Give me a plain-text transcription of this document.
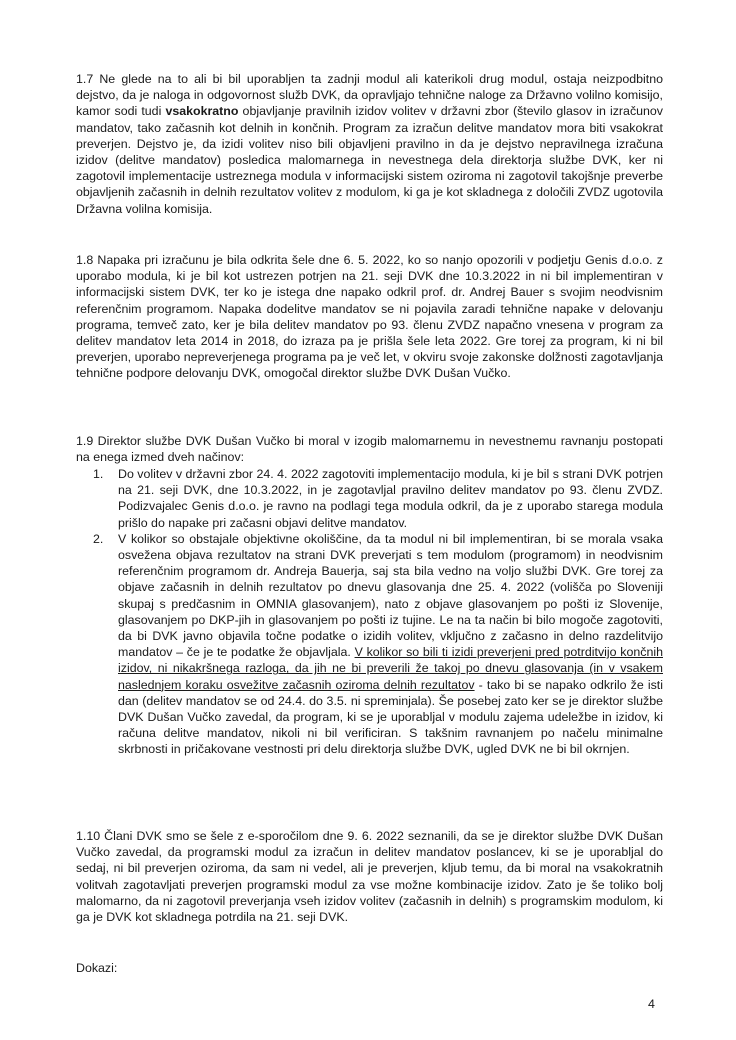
1.7 Ne glede na to ali bi bil uporabljen ta zadnji modul ali katerikoli drug modul, ostaja neizpodbitno dejstvo, da je naloga in odgovornost služb DVK, da opravljajo tehnične naloge za Državno volilno komisijo, kamor sodi tudi vsakokratno objavljanje pravilnih izidov volitev v državni zbor (število glasov in izračunov mandatov, tako začasnih kot delnih in končnih. Program za izračun delitve mandatov mora biti vsakokrat preverjen. Dejstvo je, da izidi volitev niso bili objavljeni pravilno in da je dejstvo nepravilnega izračuna izidov (delitve mandatov) posledica malomarnega in nevestnega dela direktorja službe DVK, ker ni zagotovil implementacije ustreznega modula v informacijski sistem oziroma ni zagotovil takojšnje preverbe objavljenih začasnih in delnih rezultatov volitev z modulom, ki ga je kot skladnega z določili ZVDZ ugotovila Državna volilna komisija.

1.8 Napaka pri izračunu je bila odkrita šele dne 6. 5. 2022, ko so nanjo opozorili v podjetju Genis d.o.o. z uporabo modula, ki je bil kot ustrezen potrjen na 21. seji DVK dne 10.3.2022 in ni bil implementiran v informacijski sistem DVK, ter ko je istega dne napako odkril prof. dr. Andrej Bauer s svojim neodvisnim referenčnim programom. Napaka dodelitve mandatov se ni pojavila zaradi tehnične napake v delovanju programa, temveč zato, ker je bila delitev mandatov po 93. členu ZVDZ napačno vnesena v program za delitev mandatov leta 2014 in 2018, do izraza pa je prišla šele leta 2022. Gre torej za program, ki ni bil preverjen, uporabo nepreverjenega programa pa je več let, v okviru svoje zakonske dolžnosti zagotavljanja tehnične podpore delovanju DVK, omogočal direktor službe DVK Dušan Vučko.

1.9 Direktor službe DVK Dušan Vučko bi moral v izogib malomarnemu in nevestnemu ravnanju postopati na enega izmed dveh načinov:

1. Do volitev v državni zbor 24. 4. 2022 zagotoviti implementacijo modula, ki je bil s strani DVK potrjen na 21. seji DVK, dne 10.3.2022, in je zagotavljal pravilno delitev mandatov po 93. členu ZVDZ. Podizvajalec Genis d.o.o. je ravno na podlagi tega modula odkril, da je z uporabo starega modula prišlo do napake pri začasni objavi delitve mandatov.
2. V kolikor so obstajale objektivne okoliščine, da ta modul ni bil implementiran, bi se morala vsaka osvežena objava rezultatov na strani DVK preverjati s tem modulom (programom) in neodvisnim referenčnim programom dr. Andreja Bauerja, saj sta bila vedno na voljo službi DVK. Gre torej za objave začasnih in delnih rezultatov po dnevu glasovanja dne 25. 4. 2022 (volišča po Sloveniji skupaj s predčasnim in OMNIA glasovanjem), nato z objave glasovanjem po pošti iz Slovenije, glasovanjem po DKP-jih in glasovanjem po pošti iz tujine. Le na ta način bi bilo mogoče zagotoviti, da bi DVK javno objavila točne podatke o izidih volitev, vključno z začasno in delno razdelitvijo mandatov – če je te podatke že objavljala. V kolikor so bili ti izidi preverjeni pred potrditvijo končnih izidov, ni nikakršnega razloga, da jih ne bi preverili že takoj po dnevu glasovanja (in v vsakem naslednjem koraku osvežitve začasnih oziroma delnih rezultatov - tako bi se napako odkrilo že isti dan (delitev mandatov se od 24.4. do 3.5. ni spreminjala). Še posebej zato ker se je direktor službe DVK Dušan Vučko zavedal, da program, ki se je uporabljal v modulu zajema udeležbe in izidov, ki računa delitve mandatov, nikoli ni bil verificiran. S takšnim ravnanjem po načelu minimalne skrbnosti in pričakovane vestnosti pri delu direktorja službe DVK, ugled DVK ne bi bil okrnjen.

1.10 Člani DVK smo se šele z e-sporočilom dne 9. 6. 2022 seznanili, da se je direktor službe DVK Dušan Vučko zavedal, da programski modul za izračun in delitev mandatov poslancev, ki se je uporabljal do sedaj, ni bil preverjen oziroma, da sam ni vedel, ali je preverjen, kljub temu, da bi moral na vsakokratnih volitvah zagotavljati preverjen programski modul za vse možne kombinacije izidov. Zato je še toliko bolj malomarno, da ni zagotovil preverjanja vseh izidov volitev (začasnih in delnih) s programskim modulom, ki ga je DVK kot skladnega potrdila na 21. seji DVK.

Dokazi:

4
